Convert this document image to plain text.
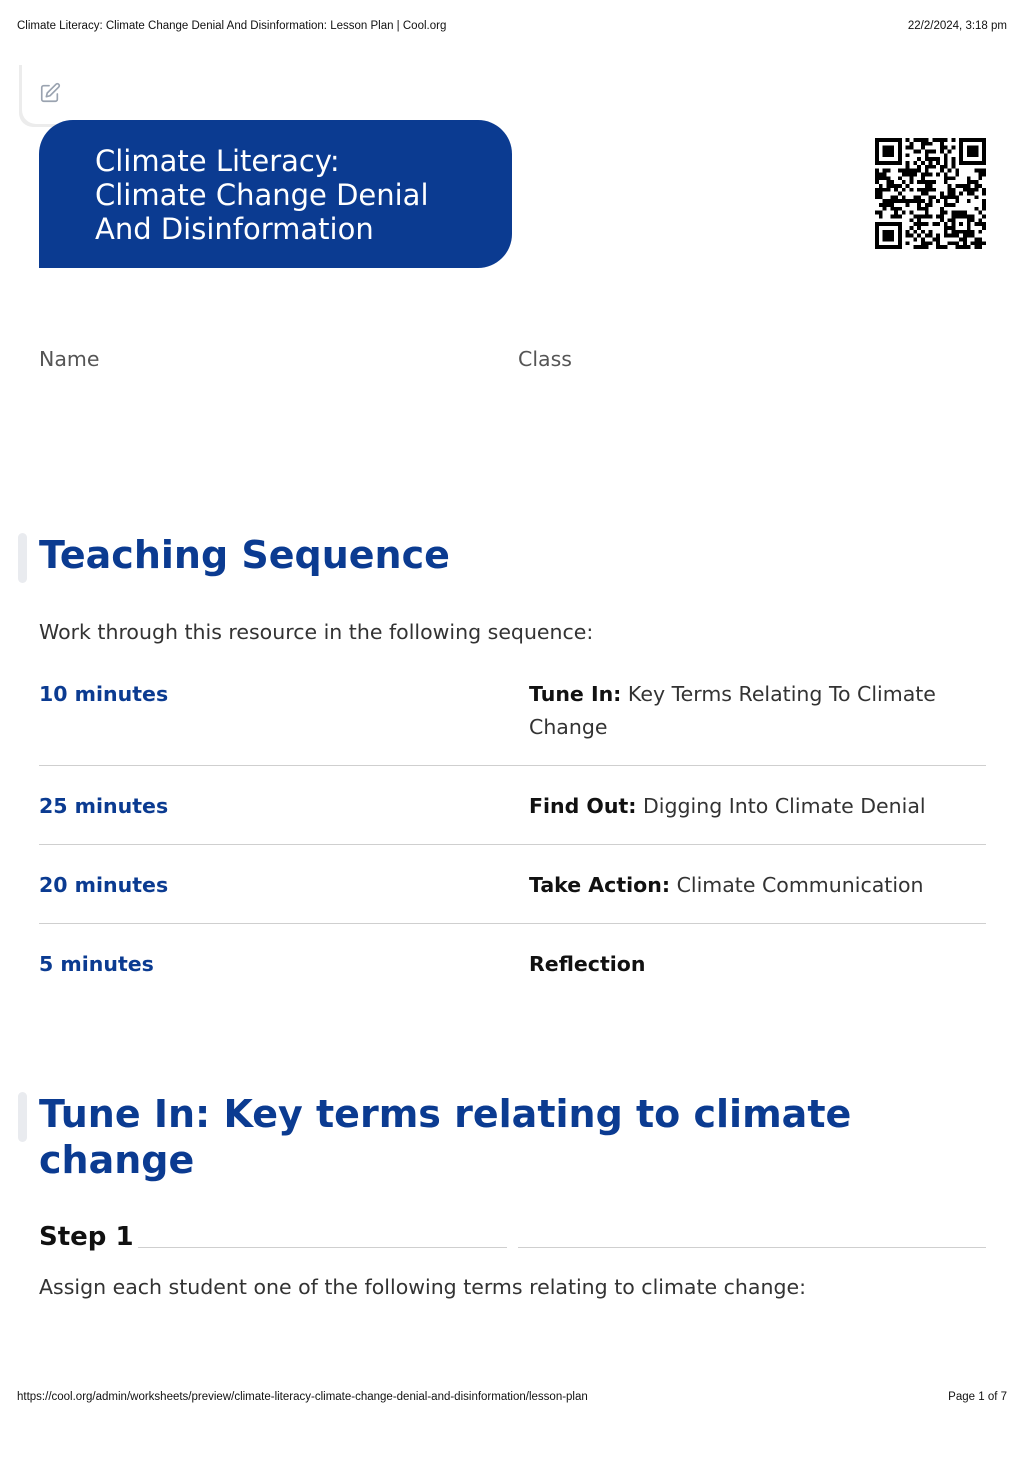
Climate Literacy: Climate Change Denial And Disinformation: Lesson Plan | Cool.org	22/2/2024, 3:18 pm
Climate Literacy:
Climate Change Denial
And Disinformation
Name	Class
Teaching Sequence
Work through this resource in the following sequence:
10 minutes	Tune In: Key Terms Relating To Climate Change
25 minutes	Find Out: Digging Into Climate Denial
20 minutes	Take Action: Climate Communication
5 minutes	Reflection
Tune In: Key terms relating to climate change
Step 1
Assign each student one of the following terms relating to climate change:
https://cool.org/admin/worksheets/preview/climate-literacy-climate-change-denial-and-disinformation/lesson-plan	Page 1 of 7
